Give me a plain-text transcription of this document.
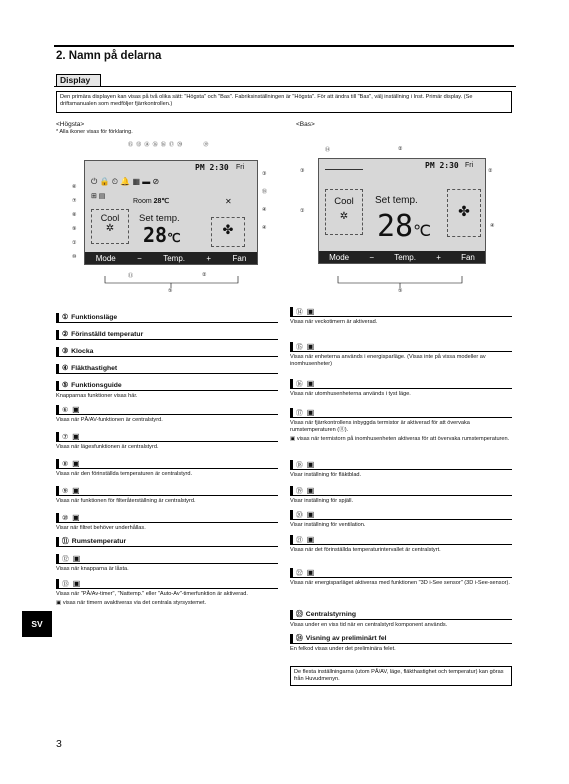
2. Namn på delarna
Display
Den primära displayen kan visas på två olika sätt: "Högsta" och "Bas". Fabriksinställningen är "Högsta". För att ändra till "Bas", välj inställning i Inst. Primär display. (Se driftsmanualen som medföljer fjärrkontrollen.)
<Högsta>
* Alla ikoner visas för förklaring.
⑮⑬⑭⑯⑯⑰⑳	⑲
PM 2:30 Fri
⏻ 🔒 ⏲ 🔔 ▦ ▬ ⊘
⊞ ▤
Room 28℃	✕
Cool
✲
Set temp.
28℃
✤
Mode	−	Temp.	+	Fan
⑥
⑦
⑧
⑨
①
⑩
③
⑱
④
④
⑪	②
⑤
<Bas>
⑭	②
③	②
①
④
⑤
PM 2:30 Fri
Cool
✲
Set temp.
28℃
✤
Mode	−	Temp.	+	Fan
① Funktionsläge
② Förinställd temperatur
③ Klocka
④ Fläkthastighet
⑤ Funktionsguide
Knapparnas funktioner visas här.
⑥ ▣
Visas när PÅ/AV-funktionen är centralstyrd.
⑦ ▣
Visas när lägesfunktionen är centralstyrd.
⑧ ▣
Visas när den förinställda temperaturen är centralstyrd.
⑨ ▣
Visas när funktionen för filteråterställning är centralstyrd.
⑩ ▣
Visar när filtret behöver underhållas.
⑪ Rumstemperatur
⑫ ▣
Visas när knapparna är låsta.
⑬ ▣
Visas när "PÅ/Av-timer", "Nattemp." eller "Auto-Av"-timerfunktion är aktiverad.
▣ visas när timern avaktiveras via det centrala styrsystemet.
⑭ ▣
Visas när veckotimern är aktiverad.
⑮ ▣
Visas när enheterna används i energisparläge. (Visas inte på vissa modeller av inomhusenheter)
⑯ ▣
Visas när utomhusenheterna används i tyst läge.
⑰ ▣
Visas när fjärrkontrollens inbyggda termistor är aktiverad för att övervaka rumstemperaturen (⑪).
▣ visas när termistorn på inomhusenheten aktiveras för att övervaka rumstemperaturen.
⑱ ▣
Visar inställning för fläktblad.
⑲ ▣
Visar inställning för spjäll.
⑳ ▣
Visar inställning för ventilation.
㉑ ▣
Visas när det förinställda temperaturintervallet är centralstyrt.
㉒ ▣
Visas när energisparläget aktiveras med funktionen "3D i-See sensor" (3D i-See-sensor).
㉓ Centralstyrning
Visas under en viss tid när en centralstyrd komponent används.
㉔ Visning av preliminärt fel
En felkod visas under det preliminära felet.
De flesta inställningarna (utom PÅ/AV, läge, fläkthastighet och temperatur) kan göras från Huvudmenyn.
SV
3
